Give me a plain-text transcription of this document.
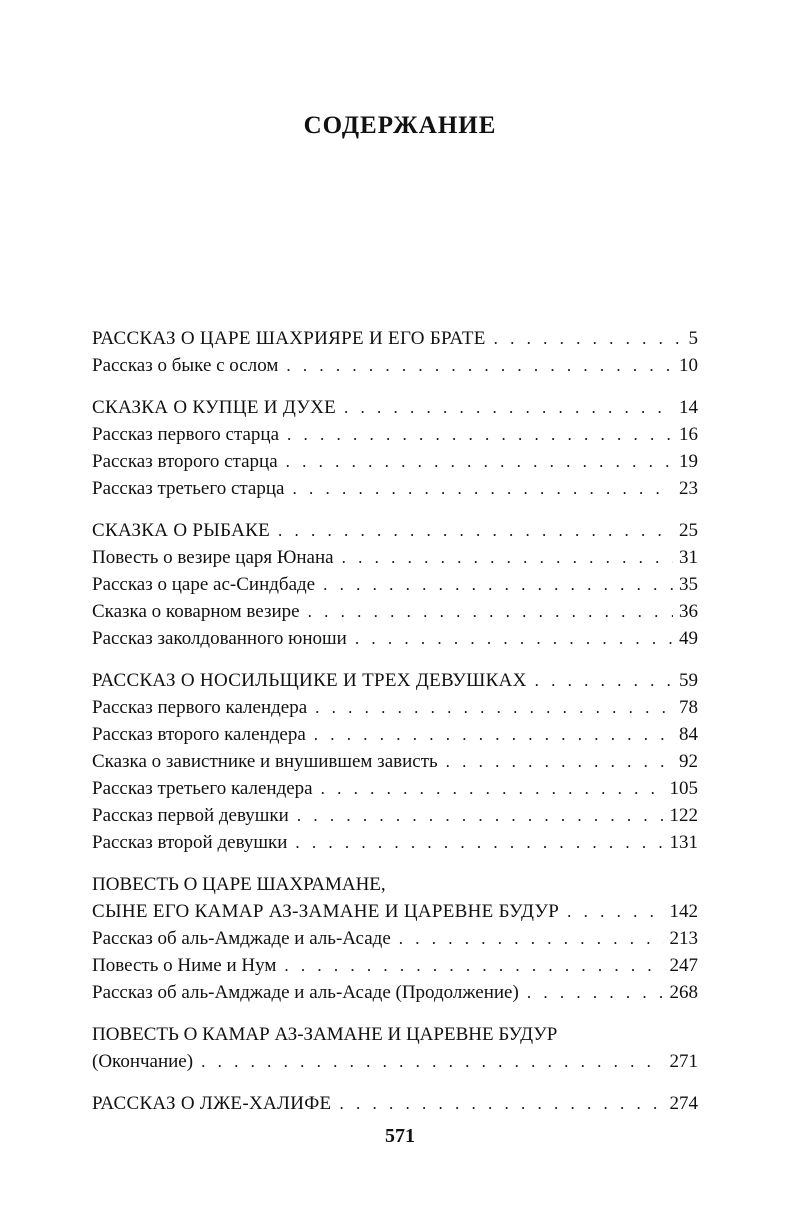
СОДЕРЖАНИЕ
РАССКАЗ О ЦАРЕ ШАХРИЯРЕ И ЕГО БРАТЕ . . .	5
Рассказ о быке с ослом . . .	10
СКАЗКА О КУПЦЕ И ДУХЕ . . .	14
Рассказ первого старца . . .	16
Рассказ второго старца . . .	19
Рассказ третьего старца . . .	23
СКАЗКА О РЫБАКЕ . . .	25
Повесть о везире царя Юнана . . .	31
Рассказ о царе ас-Синдбаде . . .	35
Сказка о коварном везире . . .	36
Рассказ заколдованного юноши . . .	49
РАССКАЗ О НОСИЛЬЩИКЕ И ТРЕХ ДЕВУШКАХ . . .	59
Рассказ первого календера . . .	78
Рассказ второго календера . . .	84
Сказка о завистнике и внушившем зависть . . .	92
Рассказ третьего календера . . .	105
Рассказ первой девушки . . .	122
Рассказ второй девушки . . .	131
ПОВЕСТЬ О ЦАРЕ ШАХРАМАНЕ,
СЫНЕ ЕГО КАМАР АЗ-ЗАМАНЕ И ЦАРЕВНЕ БУДУР . . .	142
Рассказ об аль-Амджаде и аль-Асаде . . .	213
Повесть о Ниме и Нум . . .	247
Рассказ об аль-Амджаде и аль-Асаде (Продолжение) . . .	268
ПОВЕСТЬ О КАМАР АЗ-ЗАМАНЕ И ЦАРЕВНЕ БУДУР
(Окончание) . . .	271
РАССКАЗ О ЛЖЕ-ХАЛИФЕ . . .	274
571
